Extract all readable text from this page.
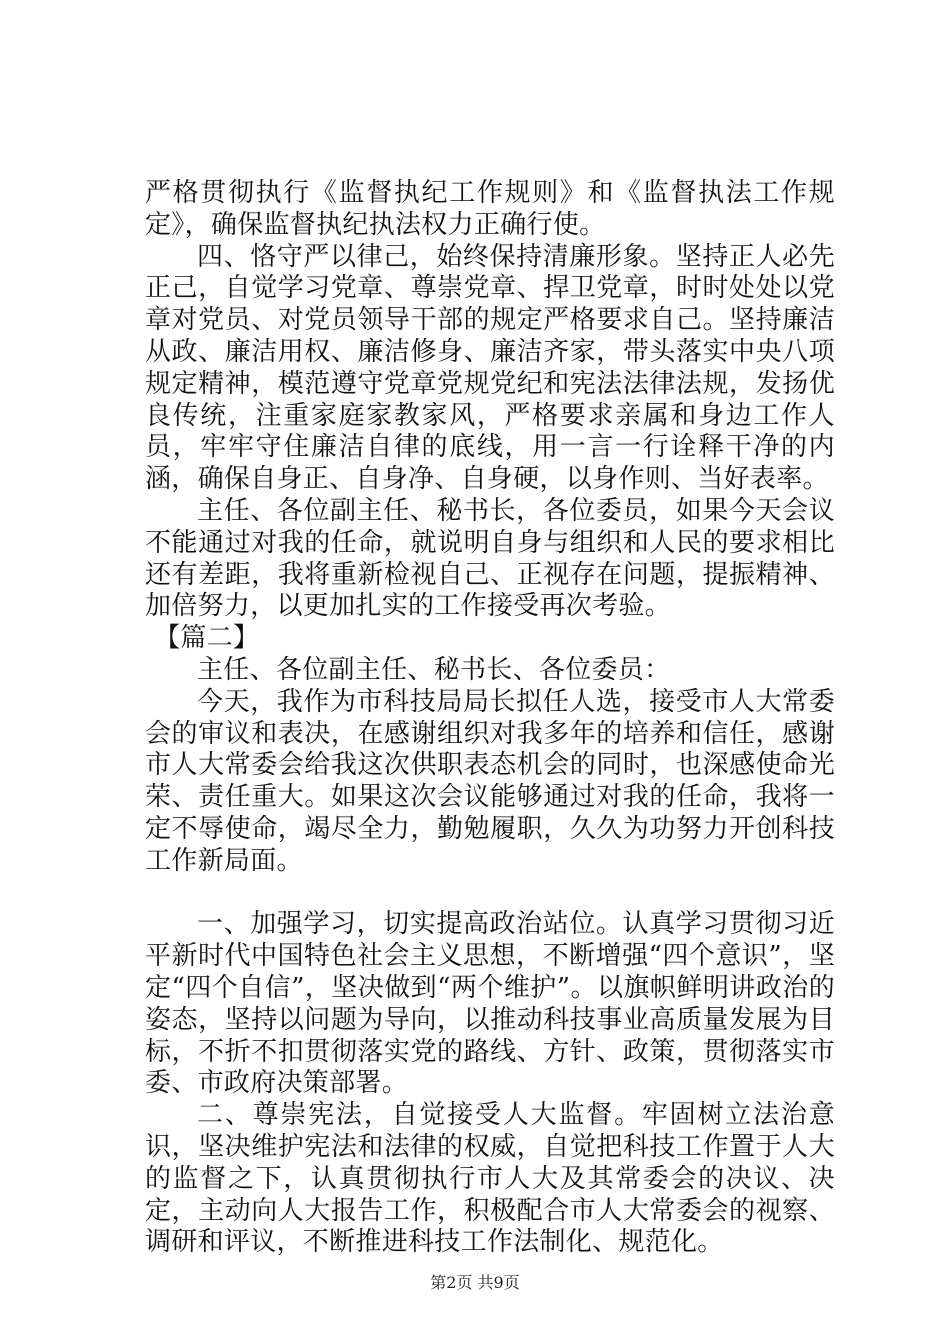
严格贯彻执行《监督执纪工作规则》和《监督执法工作规定》，确保监督执纪执法权力正确行使。

四、恪守严以律己，始终保持清廉形象。坚持正人必先正己，自觉学习党章、尊崇党章、捍卫党章，时时处处以党章对党员、对党员领导干部的规定严格要求自己。坚持廉洁从政、廉洁用权、廉洁修身、廉洁齐家，带头落实中央八项规定精神，模范遵守党章党规党纪和宪法法律法规，发扬优良传统，注重家庭家教家风，严格要求亲属和身边工作人员，牢牢守住廉洁自律的底线，用一言一行诠释干净的内涵，确保自身正、自身净、自身硬，以身作则、当好表率。

主任、各位副主任、秘书长，各位委员，如果今天会议不能通过对我的任命，就说明自身与组织和人民的要求相比还有差距，我将重新检视自己、正视存在问题，提振精神、加倍努力，以更加扎实的工作接受再次考验。

【篇二】

主任、各位副主任、秘书长、各位委员：

今天，我作为市科技局局长拟任人选，接受市人大常委会的审议和表决，在感谢组织对我多年的培养和信任，感谢市人大常委会给我这次供职表态机会的同时，也深感使命光荣、责任重大。如果这次会议能够通过对我的任命，我将一定不辱使命，竭尽全力，勤勉履职，久久为功努力开创科技工作新局面。

一、加强学习，切实提高政治站位。认真学习贯彻习近平新时代中国特色社会主义思想，不断增强“四个意识”，坚定“四个自信”，坚决做到“两个维护”。以旗帜鲜明讲政治的姿态，坚持以问题为导向，以推动科技事业高质量发展为目标，不折不扣贯彻落实党的路线、方针、政策，贯彻落实市委、市政府决策部署。

二、尊崇宪法，自觉接受人大监督。牢固树立法治意识，坚决维护宪法和法律的权威，自觉把科技工作置于人大的监督之下，认真贯彻执行市人大及其常委会的决议、决定，主动向人大报告工作，积极配合市人大常委会的视察、调研和评议，不断推进科技工作法制化、规范化。

第2页 共9页
